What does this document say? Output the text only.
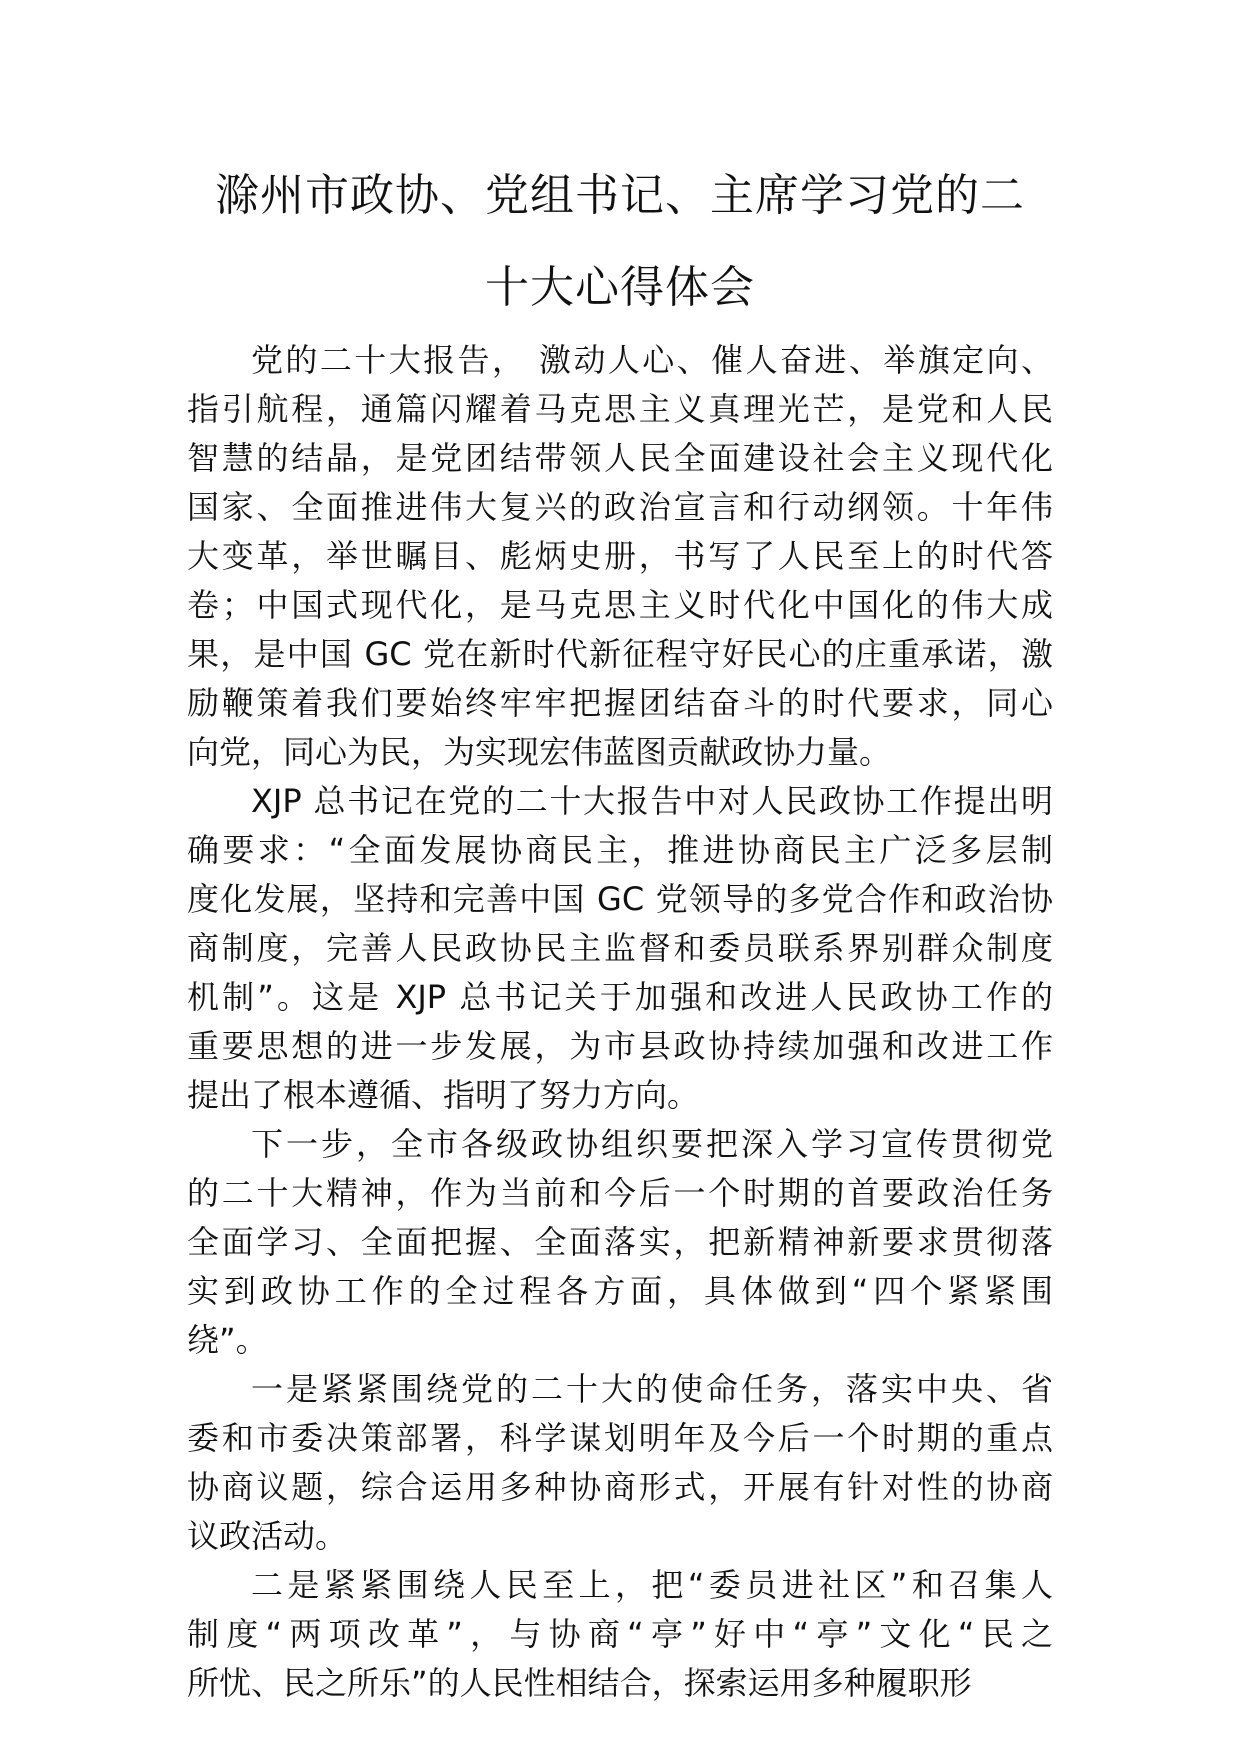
滁州市政协、党组书记、主席学习党的二
十大心得体会

党的二十大报告， 激动人心、催人奋进、举旗定向、
指引航程，通篇闪耀着马克思主义真理光芒，是党和人民
智慧的结晶，是党团结带领人民全面建设社会主义现代化
国家、全面推进伟大复兴的政治宣言和行动纲领。十年伟
大变革，举世瞩目、彪炳史册，书写了人民至上的时代答
卷；中国式现代化，是马克思主义时代化中国化的伟大成
果，是中国 GC 党在新时代新征程守好民心的庄重承诺，激
励鞭策着我们要始终牢牢把握团结奋斗的时代要求，同心
向党，同心为民，为实现宏伟蓝图贡献政协力量。

XJP 总书记在党的二十大报告中对人民政协工作提出明
确要求：“全面发展协商民主，推进协商民主广泛多层制
度化发展，坚持和完善中国 GC 党领导的多党合作和政治协
商制度，完善人民政协民主监督和委员联系界别群众制度
机制”。这是 XJP 总书记关于加强和改进人民政协工作的
重要思想的进一步发展，为市县政协持续加强和改进工作
提出了根本遵循、指明了努力方向。

下一步，全市各级政协组织要把深入学习宣传贯彻党
的二十大精神，作为当前和今后一个时期的首要政治任务
全面学习、全面把握、全面落实，把新精神新要求贯彻落
实到政协工作的全过程各方面，具体做到“四个紧紧围
绕”。

一是紧紧围绕党的二十大的使命任务，落实中央、省
委和市委决策部署，科学谋划明年及今后一个时期的重点
协商议题，综合运用多种协商形式，开展有针对性的协商
议政活动。

二是紧紧围绕人民至上，把“委员进社区”和召集人
制度“两项改革”，与协商“亭”好中“亭”文化“民之
所忧、民之所乐”的人民性相结合，探索运用多种履职形
